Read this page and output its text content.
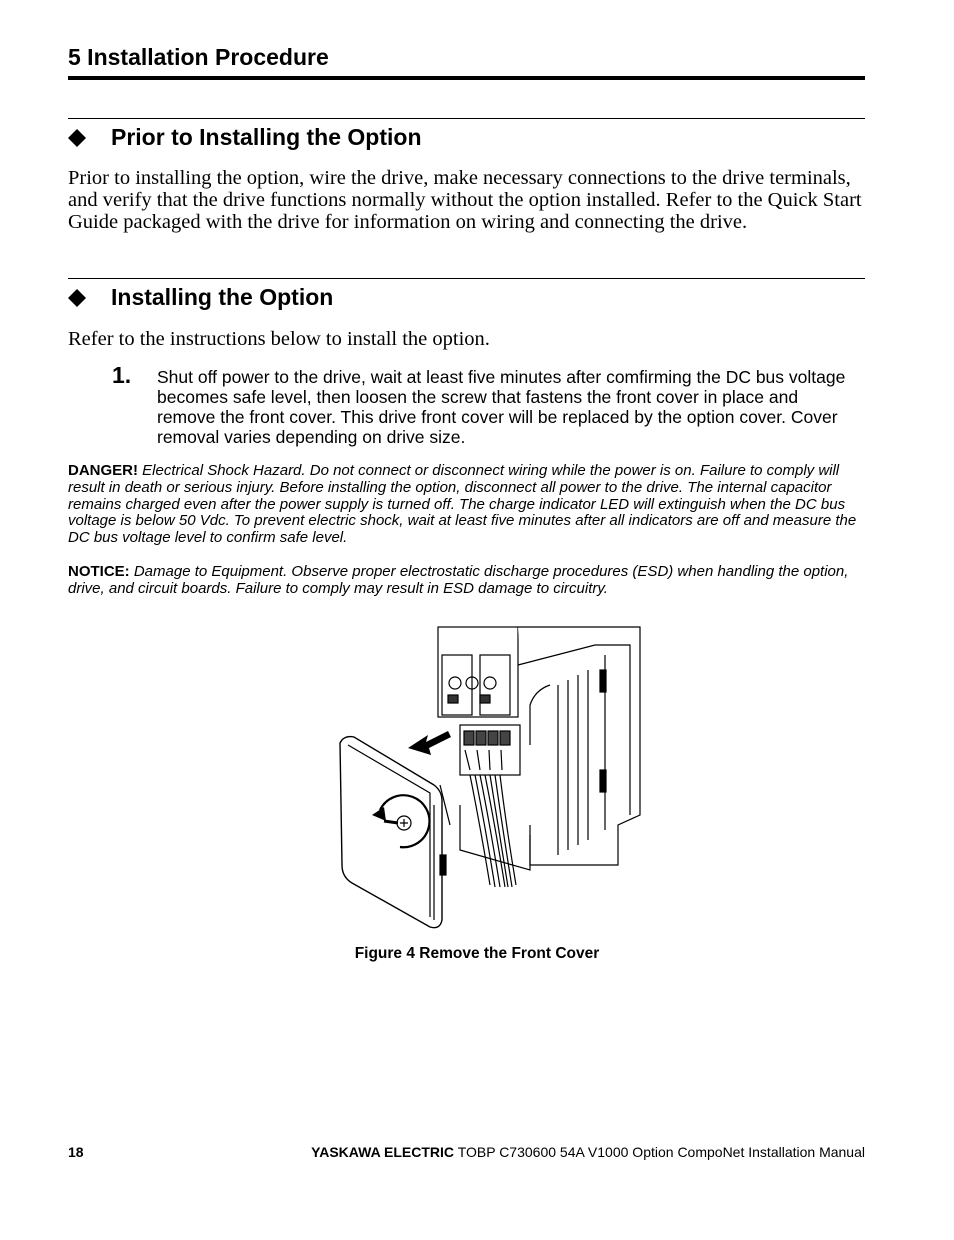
5 Installation Procedure
Prior to Installing the Option
Prior to installing the option, wire the drive, make necessary connections to the drive terminals, and verify that the drive functions normally without the option installed. Refer to the Quick Start Guide packaged with the drive for information on wiring and connecting the drive.
Installing the Option
Refer to the instructions below to install the option.
1. Shut off power to the drive, wait at least five minutes after comfirming the DC bus voltage becomes safe level, then loosen the screw that fastens the front cover in place and remove the front cover. This drive front cover will be replaced by the option cover. Cover removal varies depending on drive size.
DANGER! Electrical Shock Hazard. Do not connect or disconnect wiring while the power is on. Failure to comply will result in death or serious injury. Before installing the option, disconnect all power to the drive. The internal capacitor remains charged even after the power supply is turned off. The charge indicator LED will extinguish when the DC bus voltage is below 50 Vdc. To prevent electric shock, wait at least five minutes after all indicators are off and measure the DC bus voltage level to confirm safe level.
NOTICE: Damage to Equipment. Observe proper electrostatic discharge procedures (ESD) when handling the option, drive, and circuit boards. Failure to comply may result in ESD damage to circuitry.
Figure 4 Remove the Front Cover
18	YASKAWA ELECTRIC TOBP C730600 54A V1000 Option CompoNet Installation Manual
